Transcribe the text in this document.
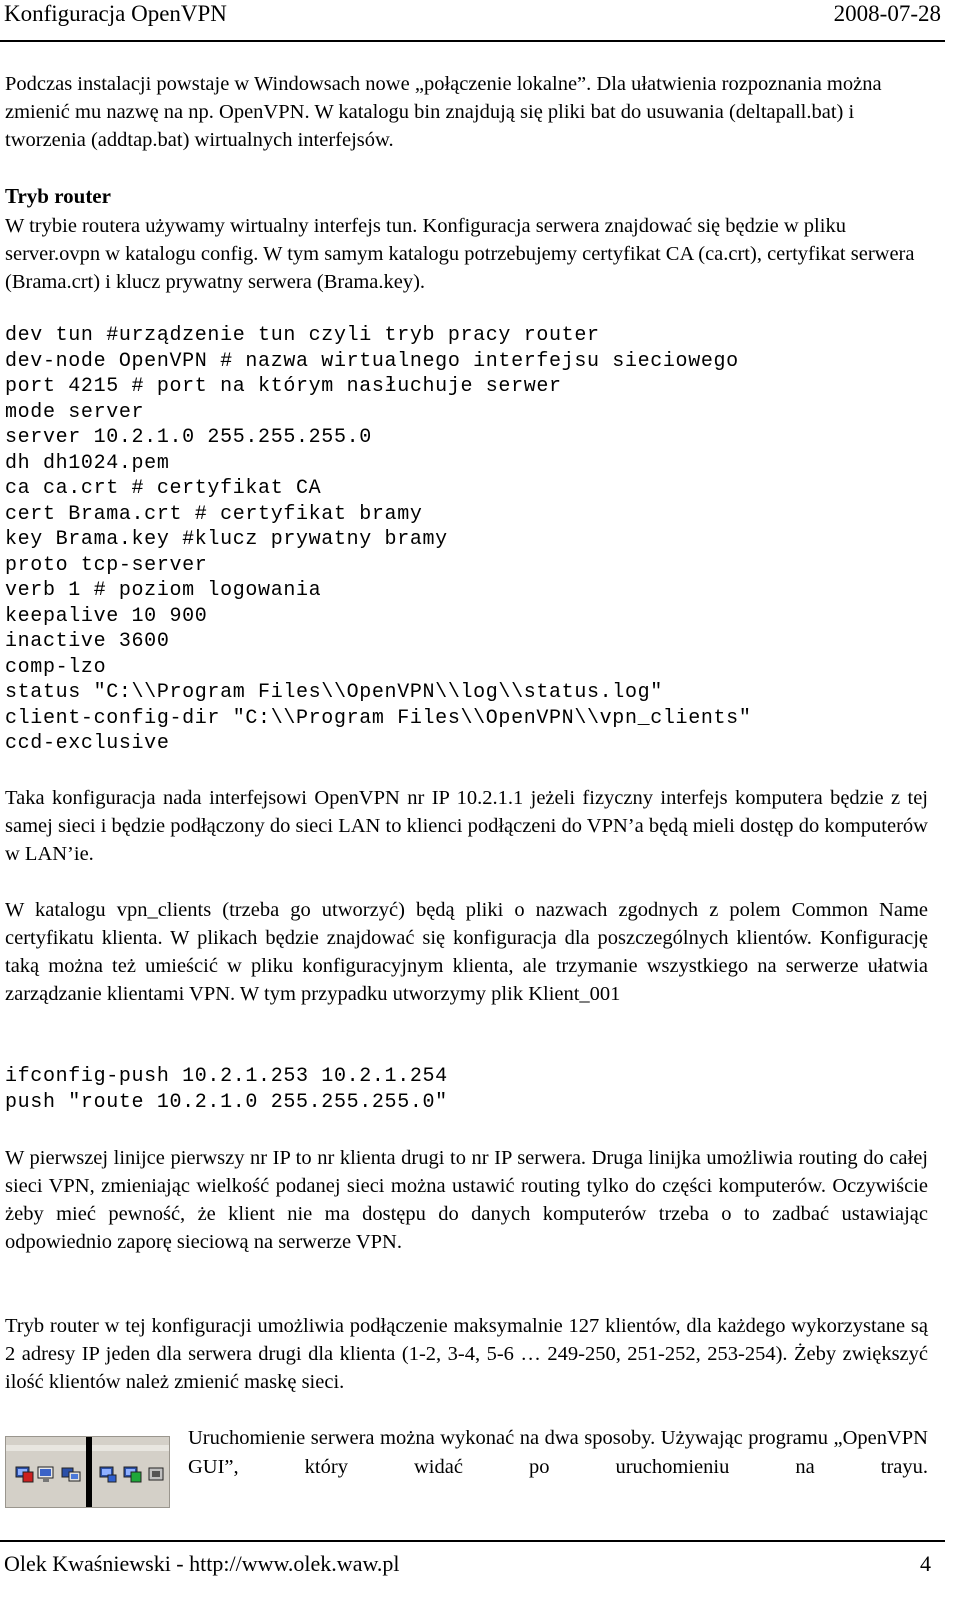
Konfiguracja OpenVPN	2008-07-28

Podczas instalacji powstaje w Windowsach nowe „połączenie lokalne”. Dla ułatwienia rozpoznania można zmienić mu nazwę na np. OpenVPN. W katalogu bin znajdują się pliki bat do usuwania (deltapall.bat) i tworzenia (addtap.bat) wirtualnych interfejsów.

Tryb router

W trybie routera używamy wirtualny interfejs tun. Konfiguracja serwera znajdować się będzie w pliku server.ovpn w katalogu config. W tym samym katalogu potrzebujemy certyfikat CA (ca.crt), certyfikat serwera (Brama.crt) i klucz prywatny serwera (Brama.key).

dev tun #urządzenie tun czyli tryb pracy router
dev-node OpenVPN # nazwa wirtualnego interfejsu sieciowego
port 4215 # port na którym nasłuchuje serwer
mode server
server 10.2.1.0 255.255.255.0
dh dh1024.pem
ca ca.crt # certyfikat CA
cert Brama.crt # certyfikat bramy
key Brama.key #klucz prywatny bramy
proto tcp-server
verb 1 # poziom logowania
keepalive 10 900
inactive 3600
comp-lzo
status "C:\\Program Files\\OpenVPN\\log\\status.log"
client-config-dir "C:\\Program Files\\OpenVPN\\vpn_clients"
ccd-exclusive

Taka konfiguracja nada interfejsowi OpenVPN nr IP 10.2.1.1 jeżeli fizyczny interfejs komputera będzie z tej samej sieci i będzie podłączony do sieci LAN to klienci podłączeni do VPN’a będą mieli dostęp do komputerów w LAN’ie.

W katalogu vpn_clients (trzeba go utworzyć) będą pliki o nazwach zgodnych z polem Common Name certyfikatu klienta. W plikach będzie znajdować się konfiguracja dla poszczególnych klientów. Konfigurację taką można też umieścić w pliku konfiguracyjnym klienta, ale trzymanie wszystkiego na serwerze ułatwia zarządzanie klientami VPN. W tym przypadku utworzymy plik Klient_001

ifconfig-push 10.2.1.253 10.2.1.254
push "route 10.2.1.0 255.255.255.0"

W pierwszej linijce pierwszy nr IP to nr klienta drugi to nr IP serwera. Druga linijka umożliwia routing do całej sieci VPN, zmieniając wielkość podanej sieci można ustawić routing tylko do części komputerów. Oczywiście żeby mieć pewność, że klient nie ma dostępu do danych komputerów trzeba o to zadbać ustawiając odpowiednio zaporę sieciową na serwerze VPN.

Tryb router w tej konfiguracji umożliwia podłączenie maksymalnie 127 klientów, dla każdego wykorzystane są 2 adresy IP jeden dla serwera drugi dla klienta (1-2, 3-4, 5-6 … 249-250, 251-252, 253-254). Żeby zwiększyć ilość klientów należ zmienić maskę sieci.

Uruchomienie serwera można wykonać na dwa sposoby. Używając programu „OpenVPN GUI”, który widać po uruchomieniu na trayu.

Olek Kwaśniewski - http://www.olek.waw.pl	4
